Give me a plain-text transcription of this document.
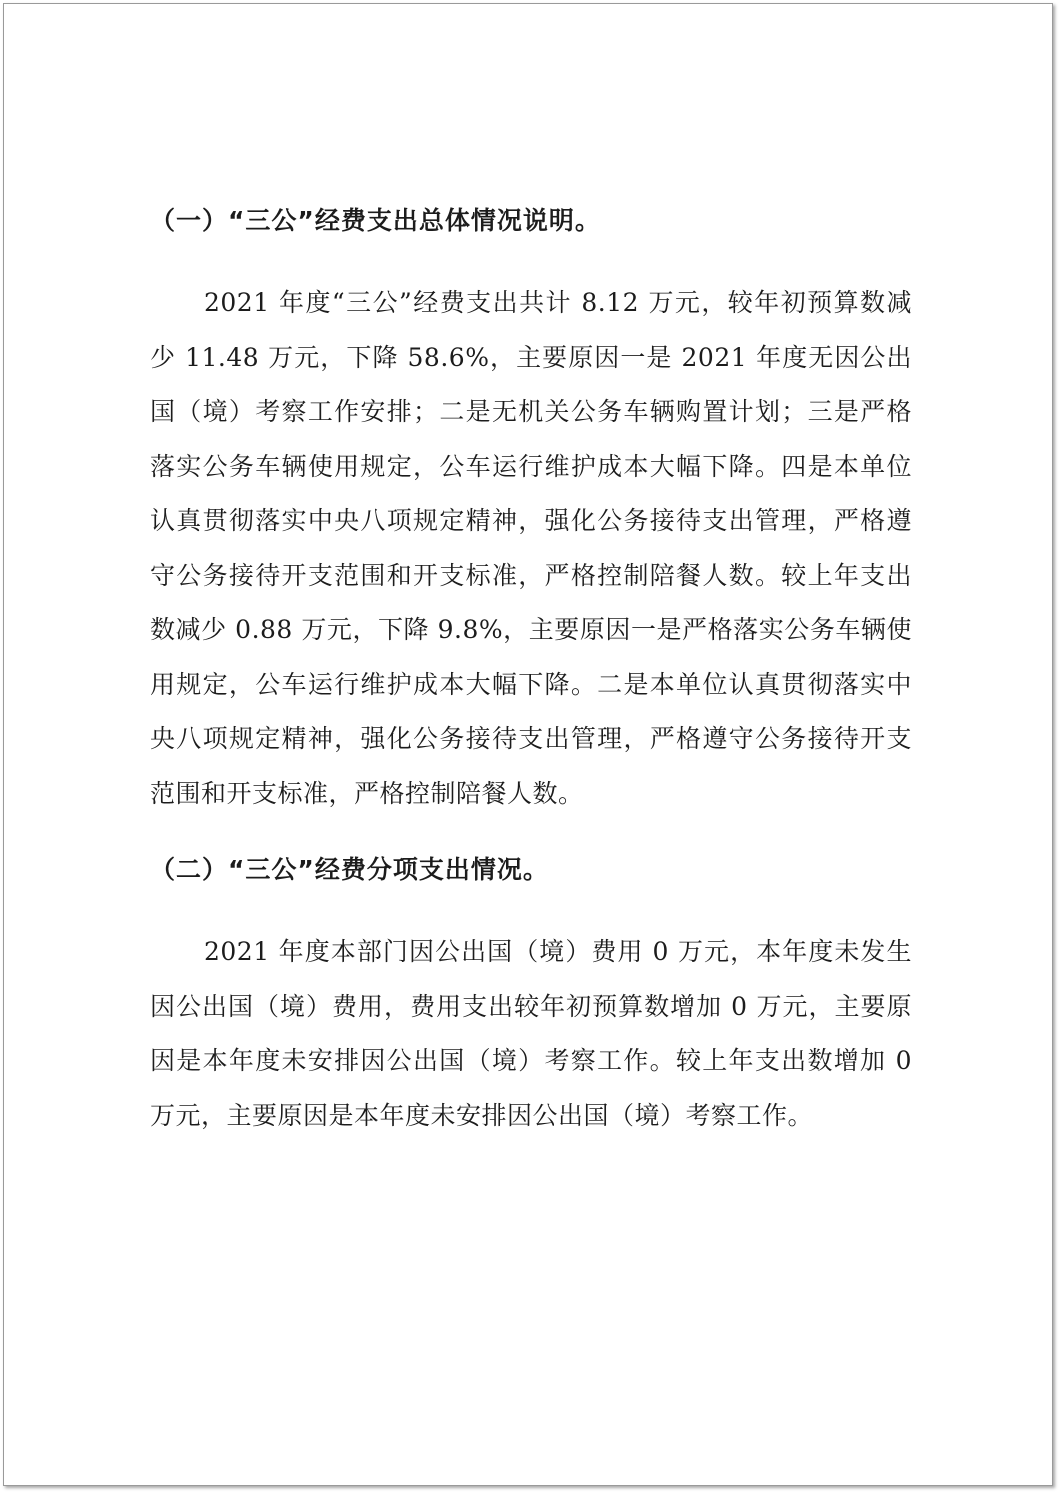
（一）“三公”经费支出总体情况说明。

2021 年度“三公”经费支出共计 8.12 万元，较年初预算数减少 11.48 万元，下降 58.6%，主要原因一是 2021 年度无因公出国（境）考察工作安排；二是无机关公务车辆购置计划；三是严格落实公务车辆使用规定，公车运行维护成本大幅下降。四是本单位认真贯彻落实中央八项规定精神，强化公务接待支出管理，严格遵守公务接待开支范围和开支标准，严格控制陪餐人数。较上年支出数减少 0.88 万元，下降 9.8%，主要原因一是严格落实公务车辆使用规定，公车运行维护成本大幅下降。二是本单位认真贯彻落实中央八项规定精神，强化公务接待支出管理，严格遵守公务接待开支范围和开支标准，严格控制陪餐人数。

（二）“三公”经费分项支出情况。

2021 年度本部门因公出国（境）费用 0 万元，本年度未发生因公出国（境）费用，费用支出较年初预算数增加 0 万元，主要原因是本年度未安排因公出国（境）考察工作。较上年支出数增加 0 万元，主要原因是本年度未安排因公出国（境）考察工作。
